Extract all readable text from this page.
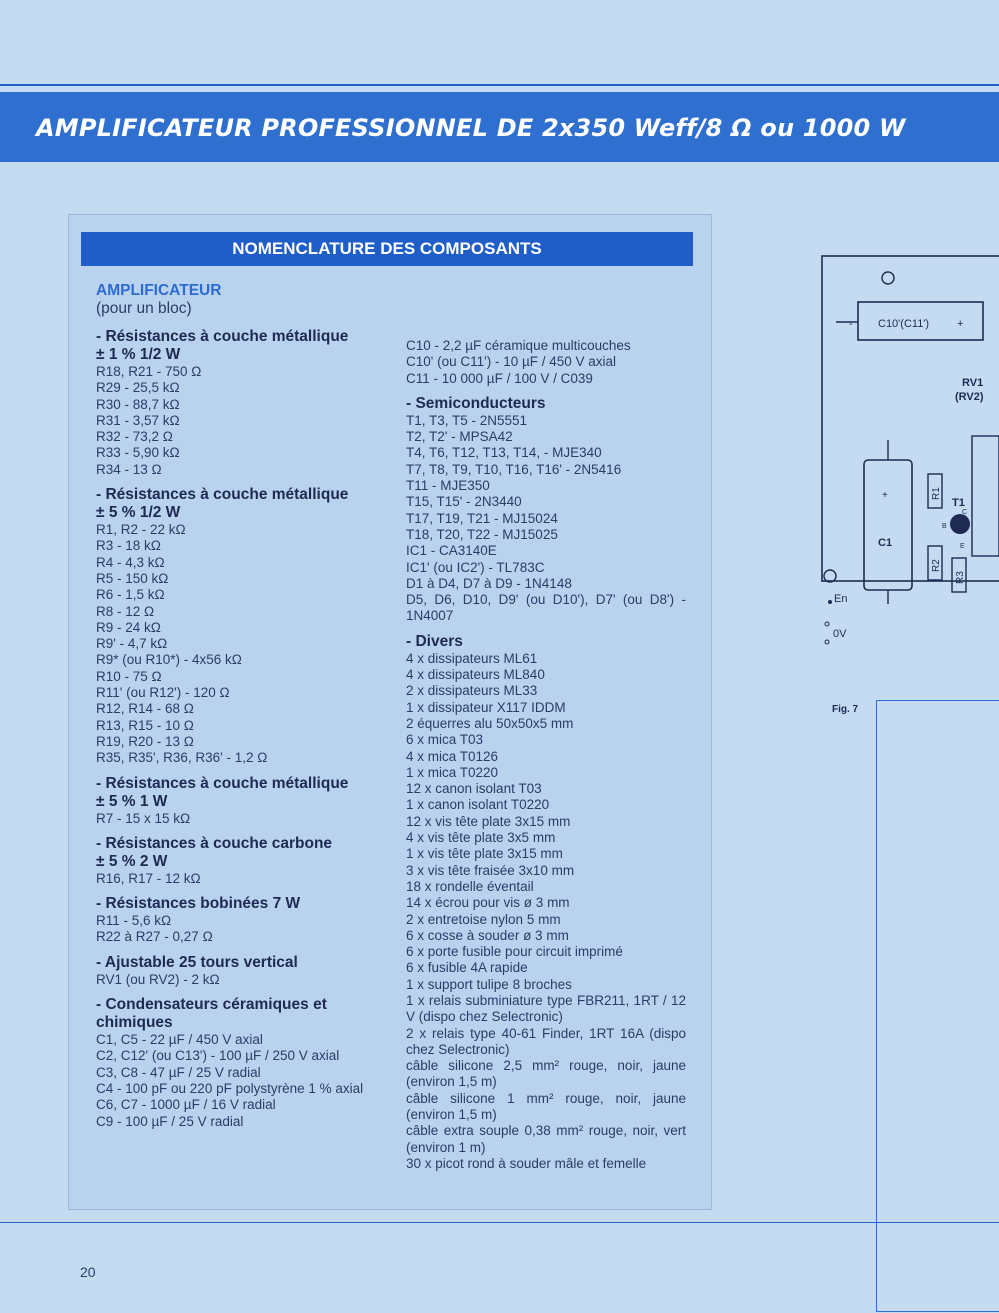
AMPLIFICATEUR PROFESSIONNEL DE 2x350 Weff/8 Ω ou 1000 W
NOMENCLATURE DES COMPOSANTS
AMPLIFICATEUR
(pour un bloc)
- Résistances à couche métallique
± 1 % 1/2 W
R18, R21 - 750 Ω
R29 - 25,5 kΩ
R30 - 88,7 kΩ
R31 - 3,57 kΩ
R32 - 73,2 Ω
R33 - 5,90 kΩ
R34 - 13 Ω
- Résistances à couche métallique
± 5 % 1/2 W
R1, R2 - 22 kΩ
R3 - 18 kΩ
R4 - 4,3 kΩ
R5 - 150 kΩ
R6 - 1,5 kΩ
R8 - 12 Ω
R9 - 24 kΩ
R9' - 4,7 kΩ
R9* (ou R10*) - 4x56 kΩ
R10 - 75 Ω
R11' (ou R12') - 120 Ω
R12, R14 - 68 Ω
R13, R15 - 10 Ω
R19, R20 - 13 Ω
R35, R35', R36, R36' - 1,2 Ω
- Résistances à couche métallique
± 5 % 1 W
R7 - 15 x 15 kΩ
- Résistances à couche carbone
± 5 % 2 W
R16, R17 - 12 kΩ
- Résistances bobinées 7 W
R11 - 5,6 kΩ
R22 à R27 - 0,27 Ω
- Ajustable 25 tours vertical
RV1 (ou RV2) - 2 kΩ
- Condensateurs céramiques et
chimiques
C1, C5 - 22 µF / 450 V axial
C2, C12' (ou C13') - 100 µF / 250 V axial
C3, C8 - 47 µF / 25 V radial
C4 - 100 pF ou 220 pF polystyrène 1 % axial
C6, C7 - 1000 µF / 16 V radial
C9 - 100 µF / 25 V radial
C10 - 2,2 µF céramique multicouches
C10' (ou C11') - 10 µF / 450 V axial
C11 - 10 000 µF / 100 V / C039
- Semiconducteurs
T1, T3, T5 - 2N5551
T2, T2' - MPSA42
T4, T6, T12, T13, T14, - MJE340
T7, T8, T9, T10, T16, T16' - 2N5416
T11 - MJE350
T15, T15' - 2N3440
T17, T19, T21 - MJ15024
T18, T20, T22 - MJ15025
IC1 - CA3140E
IC1' (ou IC2') - TL783C
D1 à D4, D7 à D9 - 1N4148
D5, D6, D10, D9' (ou D10'), D7' (ou D8') - 1N4007
- Divers
4 x dissipateurs ML61
4 x dissipateurs ML840
2 x dissipateurs ML33
1 x dissipateur X117 IDDM
2 équerres alu 50x50x5 mm
6 x mica T03
4 x mica T0126
1 x mica T0220
12 x canon isolant T03
1 x canon isolant T0220
12 x vis tête plate 3x15 mm
4 x vis tête plate 3x5 mm
1 x vis tête plate 3x15 mm
3 x vis tête fraisée 3x10 mm
18 x rondelle éventail
14 x écrou pour vis ø 3 mm
2 x entretoise nylon 5 mm
6 x cosse à souder ø 3 mm
6 x porte fusible pour circuit imprimé
6 x fusible 4A rapide
1 x support tulipe 8 broches
1 x relais subminiature type FBR211, 1RT / 12 V (dispo chez Selectronic)
2 x relais type 40-61 Finder, 1RT 16A (dispo chez Selectronic)
câble silicone 2,5 mm² rouge, noir, jaune (environ 1,5 m)
câble silicone 1 mm² rouge, noir, jaune (environ 1,5 m)
câble extra souple 0,38 mm² rouge, noir, vert (environ 1 m)
30 x picot rond à souder mâle et femelle
C10'(C11')	+
-
RV1
(RV2)
+
C1
R1
R2
R3
T1
C
B
E
En
0V
Fig. 7
20
